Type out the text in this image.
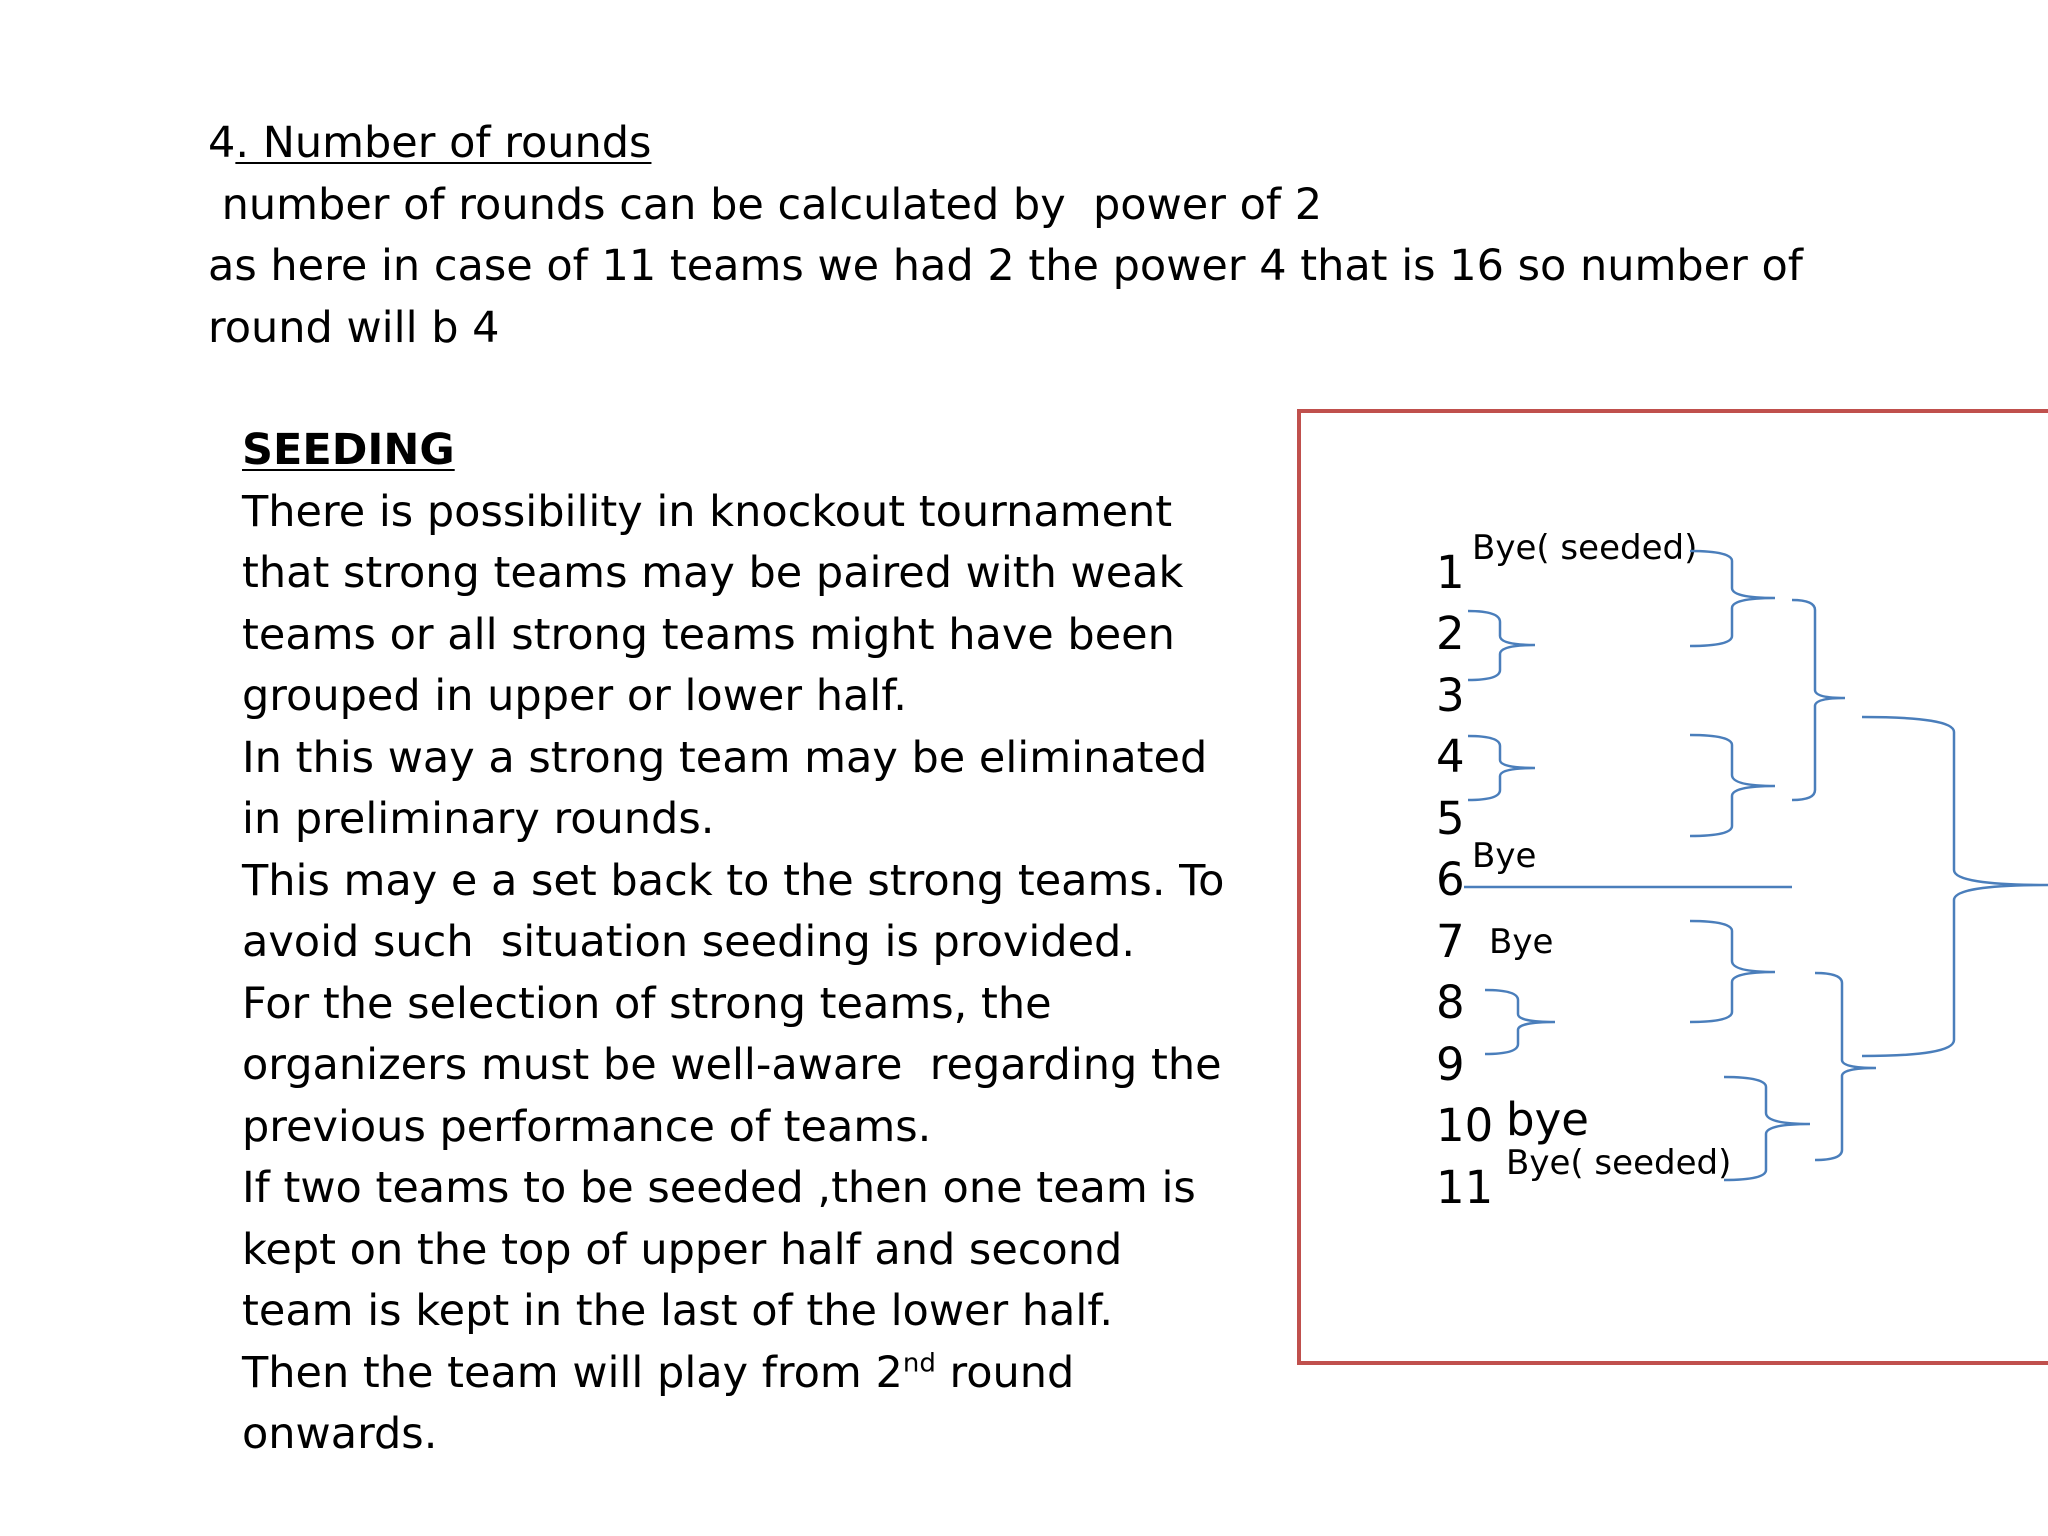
4. Number of rounds
number of rounds can be calculated by  power of 2
as here in case of 11 teams we had 2 the power 4 that is 16 so number of
round will b 4
SEEDING
There is possibility in knockout tournament
that strong teams may be paired with weak
teams or all strong teams might have been
grouped in upper or lower half.
In this way a strong team may be eliminated
in preliminary rounds.
This may e a set back to the strong teams. To
avoid such  situation seeding is provided.
For the selection of strong teams, the
organizers must be well-aware  regarding the
previous performance of teams.
If two teams to be seeded ,then one team is
kept on the top of upper half and second
team is kept in the last of the lower half.
Then the team will play from 2nd round
onwards.
1
2
3
4
5
6
7
8
9
10
11
Bye( seeded)
Bye
Bye
bye
Bye( seeded)
